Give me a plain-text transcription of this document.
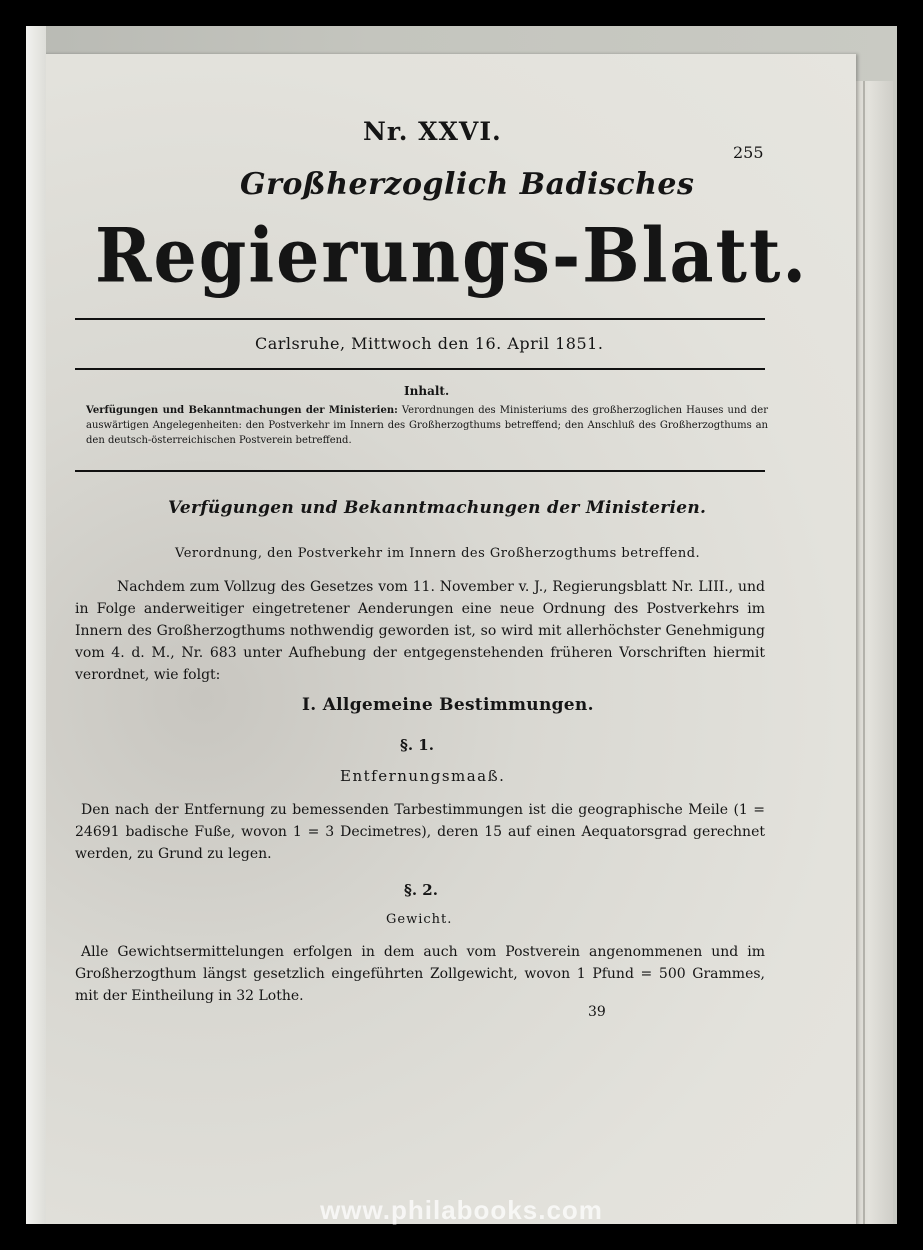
Nr. XXVI.
255
Großherzoglich Badisches
Regierungs-Blatt.
Carlsruhe, Mittwoch den 16. April 1851.
Inhalt.
Verfügungen und Bekanntmachungen der Ministerien: Verordnungen des Ministeriums des großherzoglichen Hauses und der auswärtigen Angelegenheiten: den Postverkehr im Innern des Großherzogthums betreffend; den Anschluß des Großherzogthums an den deutsch-österreichischen Postverein betreffend.
Verfügungen und Bekanntmachungen der Ministerien.
Verordnung, den Postverkehr im Innern des Großherzogthums betreffend.
Nachdem zum Vollzug des Gesetzes vom 11. November v. J., Regierungsblatt Nr. LIII., und in Folge anderweitiger eingetretener Aenderungen eine neue Ordnung des Postverkehrs im Innern des Großherzogthums nothwendig geworden ist, so wird mit allerhöchster Genehmigung vom 4. d. M., Nr. 683 unter Aufhebung der entgegenstehenden früheren Vorschriften hiermit verordnet, wie folgt:
I. Allgemeine Bestimmungen.
§. 1.
Entfernungsmaaß.
Den nach der Entfernung zu bemessenden Tarbestimmungen ist die geographische Meile (1 = 24691 badische Fuße, wovon 1 = 3 Decimetres), deren 15 auf einen Aequatorsgrad gerechnet werden, zu Grund zu legen.
§. 2.
Gewicht.
Alle Gewichtsermittelungen erfolgen in dem auch vom Postverein angenommenen und im Großherzogthum längst gesetzlich eingeführten Zollgewicht, wovon 1 Pfund = 500 Grammes, mit der Eintheilung in 32 Lothe.
39
www.philabooks.com
